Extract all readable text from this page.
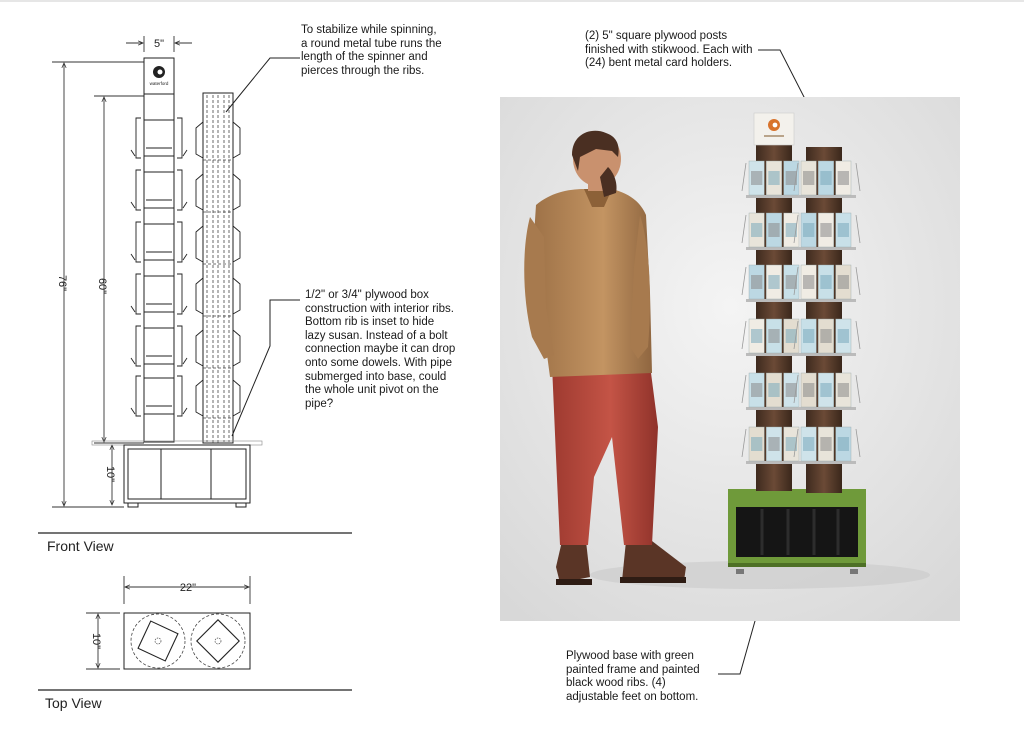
5"
76"	60"
10"
waterford
22"
10"
To stabilize while spinning,
a round metal tube runs the
length of the spinner and
pierces through the ribs.
1/2" or 3/4" plywood box
construction with interior ribs.
Bottom rib is inset to hide
lazy susan. Instead of a bolt
connection maybe it can drop
onto some dowels. With pipe
submerged into base, could
the whole unit pivot on the
pipe?
(2) 5" square plywood posts
finished with stikwood. Each with
(24) bent metal card holders.
Plywood base with green
painted frame and painted
black wood ribs. (4)
adjustable feet on bottom.
Front View
Top View
